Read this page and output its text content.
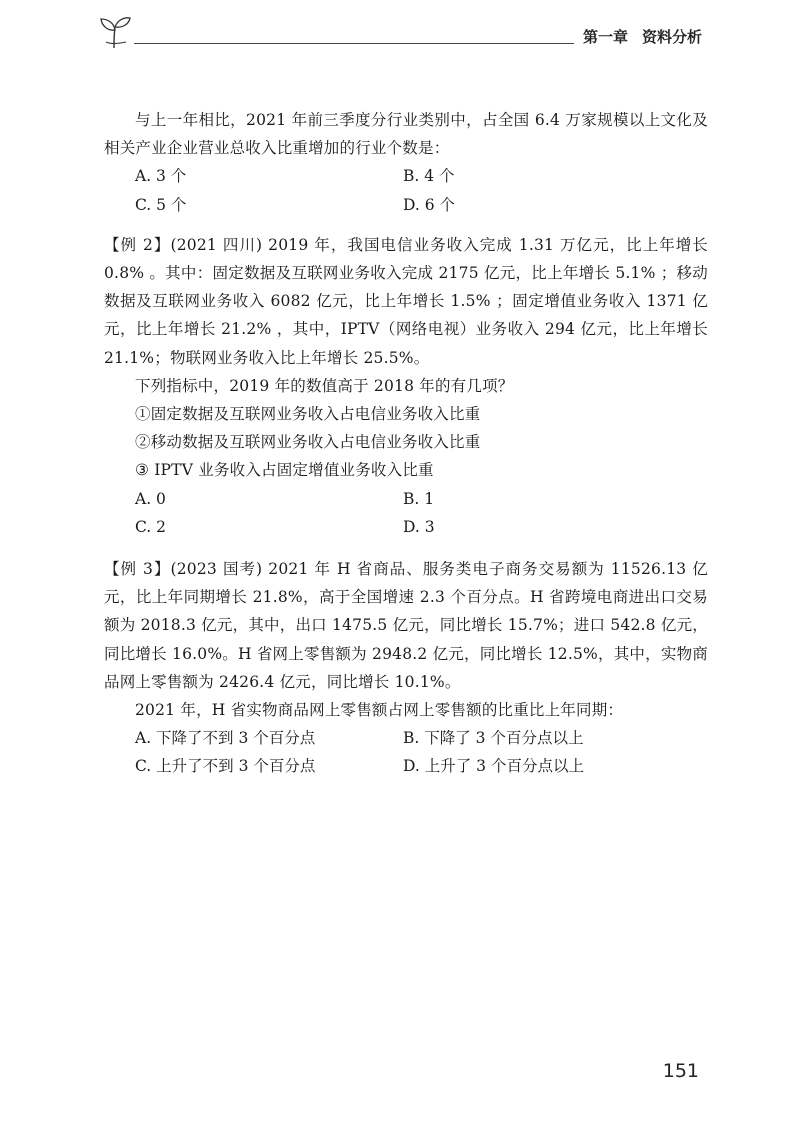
第一章 资料分析

与上一年相比，2021 年前三季度分行业类别中，占全国 6.4 万家规模以上文化及相关产业企业营业总收入比重增加的行业个数是：

A. 3 个	B. 4 个
C. 5 个	D. 6 个

【例 2】(2021 四川) 2019 年，我国电信业务收入完成 1.31 万亿元，比上年增长 0.8% 。其中：固定数据及互联网业务收入完成 2175 亿元，比上年增长 5.1% ；移动数据及互联网业务收入 6082 亿元，比上年增长 1.5% ；固定增值业务收入 1371 亿元，比上年增长 21.2% ，其中，IPTV（网络电视）业务收入 294 亿元，比上年增长 21.1%；物联网业务收入比上年增长 25.5%。

下列指标中，2019 年的数值高于 2018 年的有几项？

①固定数据及互联网业务收入占电信业务收入比重

②移动数据及互联网业务收入占电信业务收入比重

③ IPTV 业务收入占固定增值业务收入比重

A. 0	B. 1
C. 2	D. 3

【例 3】(2023 国考) 2021 年 H 省商品、服务类电子商务交易额为 11526.13 亿元，比上年同期增长 21.8%，高于全国增速 2.3 个百分点。H 省跨境电商进出口交易额为 2018.3 亿元，其中，出口 1475.5 亿元，同比增长 15.7%；进口 542.8 亿元，同比增长 16.0%。H 省网上零售额为 2948.2 亿元，同比增长 12.5%，其中，实物商品网上零售额为 2426.4 亿元，同比增长 10.1%。

2021 年，H 省实物商品网上零售额占网上零售额的比重比上年同期：

A. 下降了不到 3 个百分点	B. 下降了 3 个百分点以上
C. 上升了不到 3 个百分点	D. 上升了 3 个百分点以上
151
